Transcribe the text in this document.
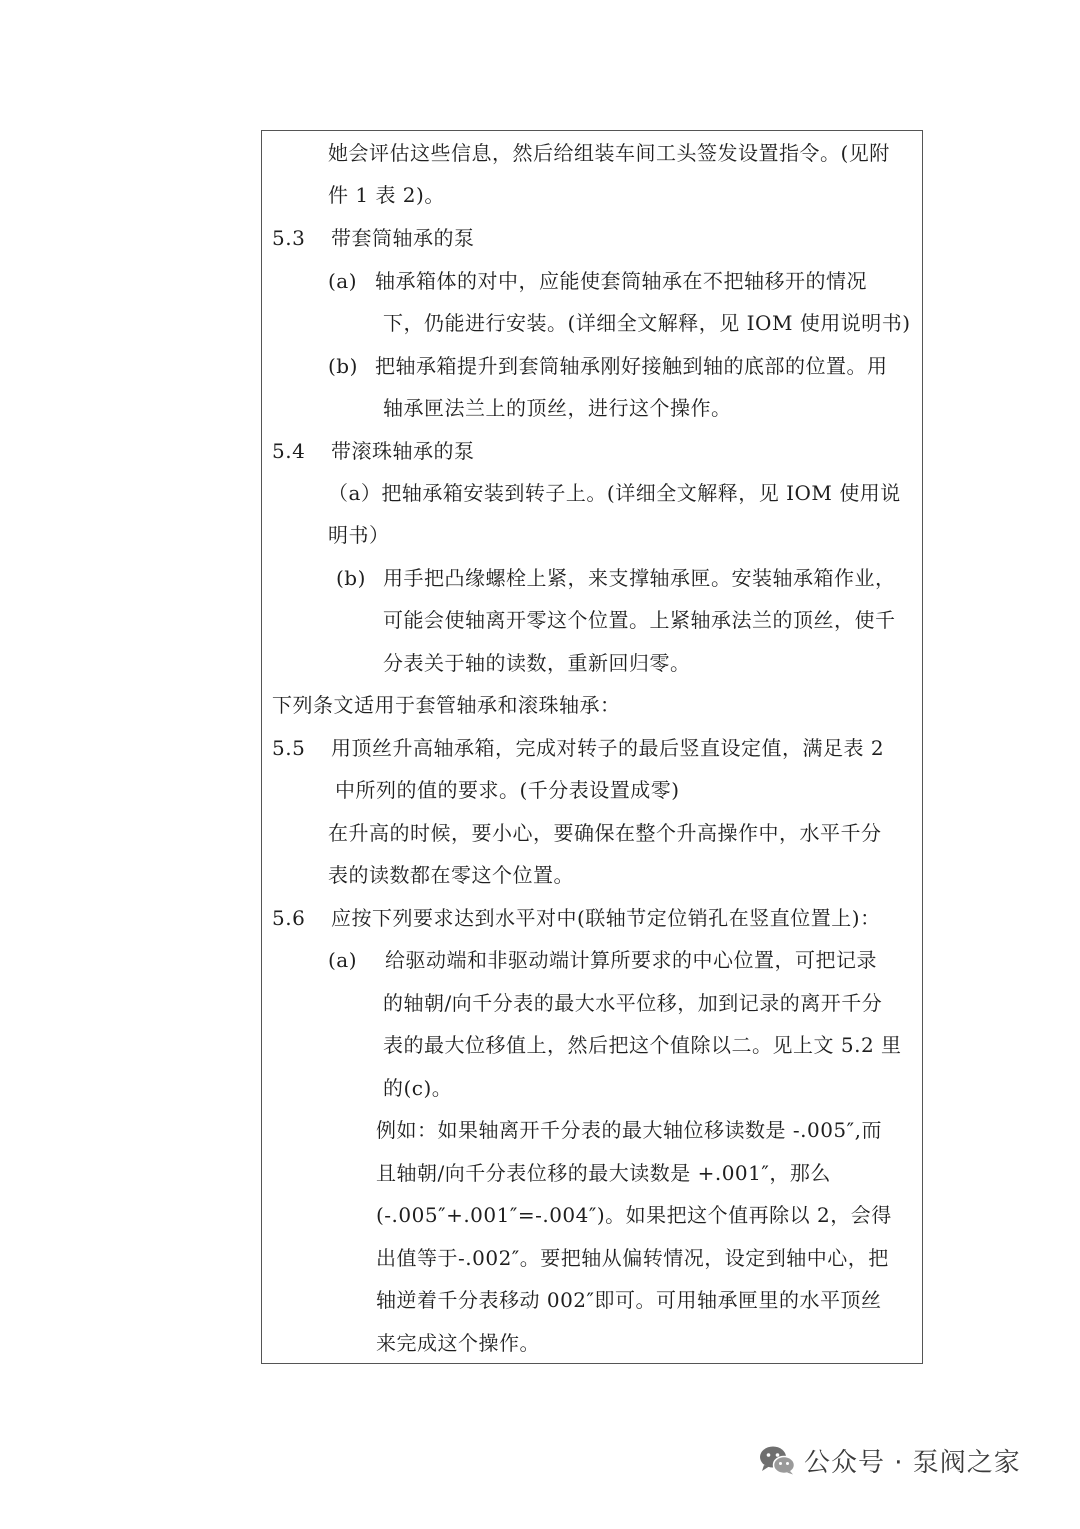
她会评估这些信息，然后给组装车间工头签发设置指令。(见附
件 1 表 2)。
5.3 带套筒轴承的泵
(a) 轴承箱体的对中，应能使套筒轴承在不把轴移开的情况
下，仍能进行安装。(详细全文解释，见 IOM 使用说明书)
(b) 把轴承箱提升到套筒轴承刚好接触到轴的底部的位置。用
轴承匣法兰上的顶丝，进行这个操作。
5.4 带滚珠轴承的泵
（a）把轴承箱安装到转子上。(详细全文解释，见 IOM 使用说
明书）
(b) 用手把凸缘螺栓上紧，来支撑轴承匣。安装轴承箱作业，
可能会使轴离开零这个位置。上紧轴承法兰的顶丝，使千
分表关于轴的读数，重新回归零。
下列条文适用于套管轴承和滚珠轴承：
5.5 用顶丝升高轴承箱，完成对转子的最后竖直设定值，满足表 2
中所列的值的要求。(千分表设置成零)
在升高的时候，要小心，要确保在整个升高操作中，水平千分
表的读数都在零这个位置。
5.6 应按下列要求达到水平对中(联轴节定位销孔在竖直位置上)：
(a) 给驱动端和非驱动端计算所要求的中心位置，可把记录
的轴朝/向千分表的最大水平位移，加到记录的离开千分
表的最大位移值上，然后把这个值除以二。见上文 5.2 里
的(c)。
例如：如果轴离开千分表的最大轴位移读数是 -.005″,而
且轴朝/向千分表位移的最大读数是 +.001″，那么
(-.005″+.001″=-.004″)。如果把这个值再除以 2，会得
出值等于-.002″。要把轴从偏转情况，设定到轴中心，把
轴逆着千分表移动 002″即可。可用轴承匣里的水平顶丝
来完成这个操作。
公众号 · 泵阀之家
